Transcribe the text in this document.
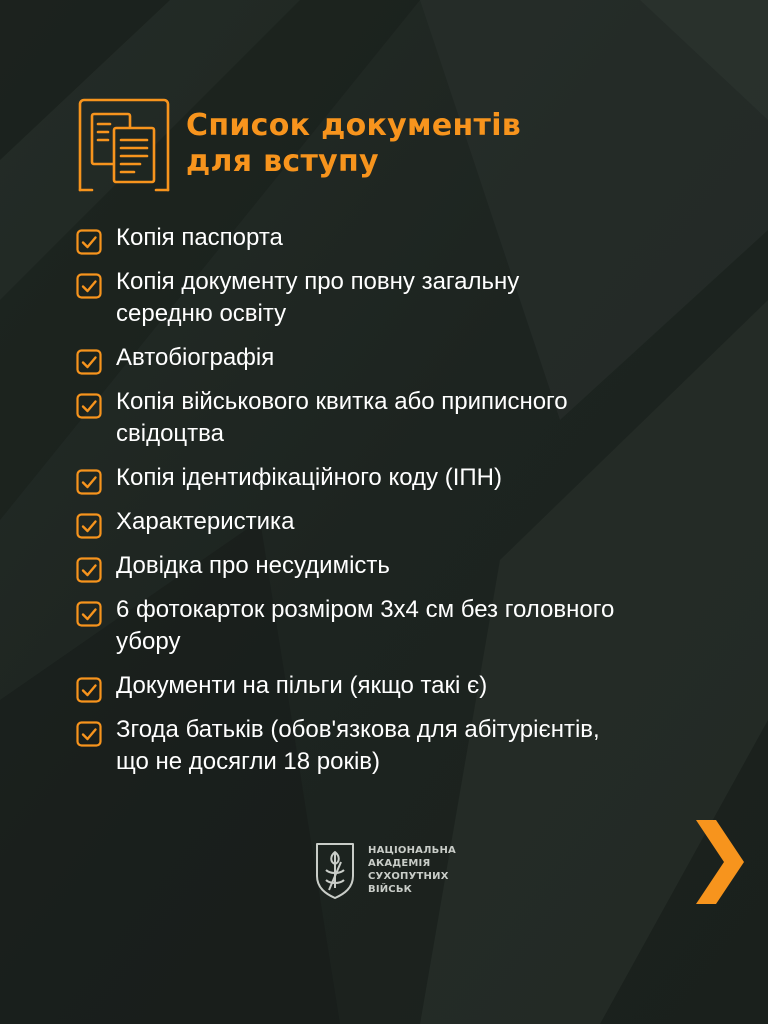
Список документів
для вступу
Копія паспорта
Копія документу про повну загальну
середню освіту
Автобіографія
Копія військового квитка або приписного
свідоцтва
Копія ідентифікаційного коду (ІПН)
Характеристика
Довідка про несудимість
6 фотокарток розміром 3х4 см без головного
убору
Документи на пільги (якщо такі є)
Згода батьків (обов'язкова для абітурієнтів,
що не досягли 18 років)
НАЦІОНАЛЬНА
АКАДЕМІЯ
СУХОПУТНИХ
ВІЙСЬК
